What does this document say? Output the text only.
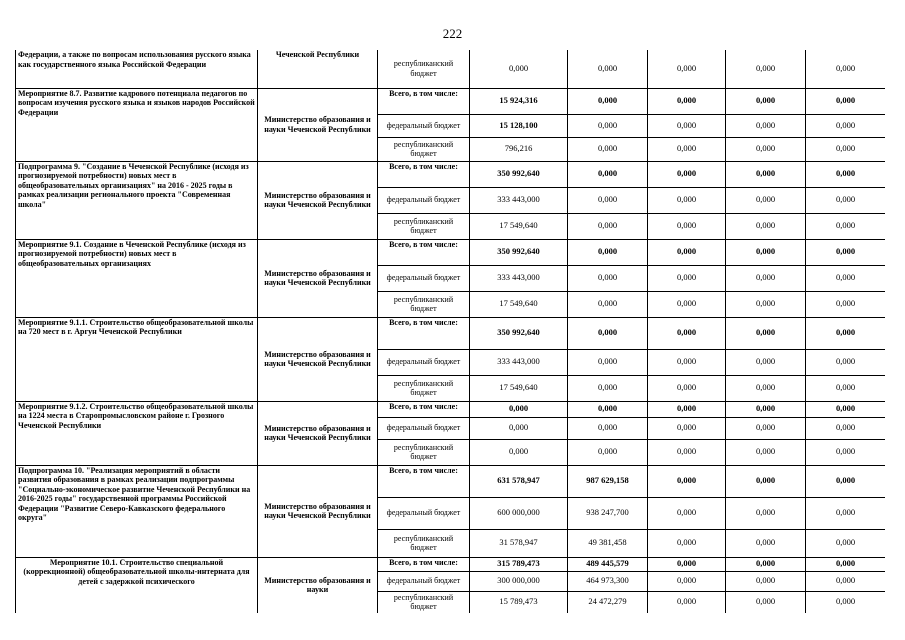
222
Федерации, а также по вопросам использования русского языка как государственного языка Российской Федерации	Чеченской Республики	республиканский бюджет	0,000	0,000	0,000	0,000	0,000
Мероприятие 8.7. Развитие кадрового потенциала педагогов по вопросам изучения русского языка и языков народов Российской Федерации	Министерство образования и науки Чеченской Республики	Всего, в том числе:	15 924,316	0,000	0,000	0,000	0,000
		федеральный бюджет	15 128,100	0,000	0,000	0,000	0,000
		республиканский бюджет	796,216	0,000	0,000	0,000	0,000
Подпрограмма 9. "Создание в Чеченской Республике (исходя из прогнозируемой потребности) новых мест в общеобразовательных организациях" на 2016 - 2025 годы в рамках реализации регионального проекта "Современная школа"	Министерство образования и науки Чеченской Республики	Всего, в том числе:	350 992,640	0,000	0,000	0,000	0,000
		федеральный бюджет	333 443,000	0,000	0,000	0,000	0,000
		республиканский бюджет	17 549,640	0,000	0,000	0,000	0,000
Мероприятие 9.1. Создание в Чеченской Республике (исходя из прогнозируемой потребности) новых мест в общеобразовательных организациях	Министерство образования и науки Чеченской Республики	Всего, в том числе:	350 992,640	0,000	0,000	0,000	0,000
		федеральный бюджет	333 443,000	0,000	0,000	0,000	0,000
		республиканский бюджет	17 549,640	0,000	0,000	0,000	0,000
Мероприятие 9.1.1. Строительство общеобразовательной школы на 720 мест в г. Аргун Чеченской Республики	Министерство образования и науки Чеченской Республики	Всего, в том числе:	350 992,640	0,000	0,000	0,000	0,000
		федеральный бюджет	333 443,000	0,000	0,000	0,000	0,000
		республиканский бюджет	17 549,640	0,000	0,000	0,000	0,000
Мероприятие 9.1.2. Строительство общеобразовательной школы на 1224 места в Старопромысловском районе г. Грозного Чеченской Республики	Министерство образования и науки Чеченской Республики	Всего, в том числе:	0,000	0,000	0,000	0,000	0,000
		федеральный бюджет	0,000	0,000	0,000	0,000	0,000
		республиканский бюджет	0,000	0,000	0,000	0,000	0,000
Подпрограмма 10. "Реализация мероприятий в области развития образования в рамках реализации подпрограммы "Социально-экономическое развитие Чеченской Республики на 2016-2025 годы" государственной программы Российской Федерации "Развитие Северо-Кавказского федерального округа"	Министерство образования и науки Чеченской Республики	Всего, в том числе:	631 578,947	987 629,158	0,000	0,000	0,000
		федеральный бюджет	600 000,000	938 247,700	0,000	0,000	0,000
		республиканский бюджет	31 578,947	49 381,458	0,000	0,000	0,000
Мероприятие 10.1. Строительство специальной (коррекционной) общеобразовательной школы-интерната для детей с задержкой психического	Министерство образования и науки	Всего, в том числе:	315 789,473	489 445,579	0,000	0,000	0,000
		федеральный бюджет	300 000,000	464 973,300	0,000	0,000	0,000
		республиканский бюджет	15 789,473	24 472,279	0,000	0,000	0,000
